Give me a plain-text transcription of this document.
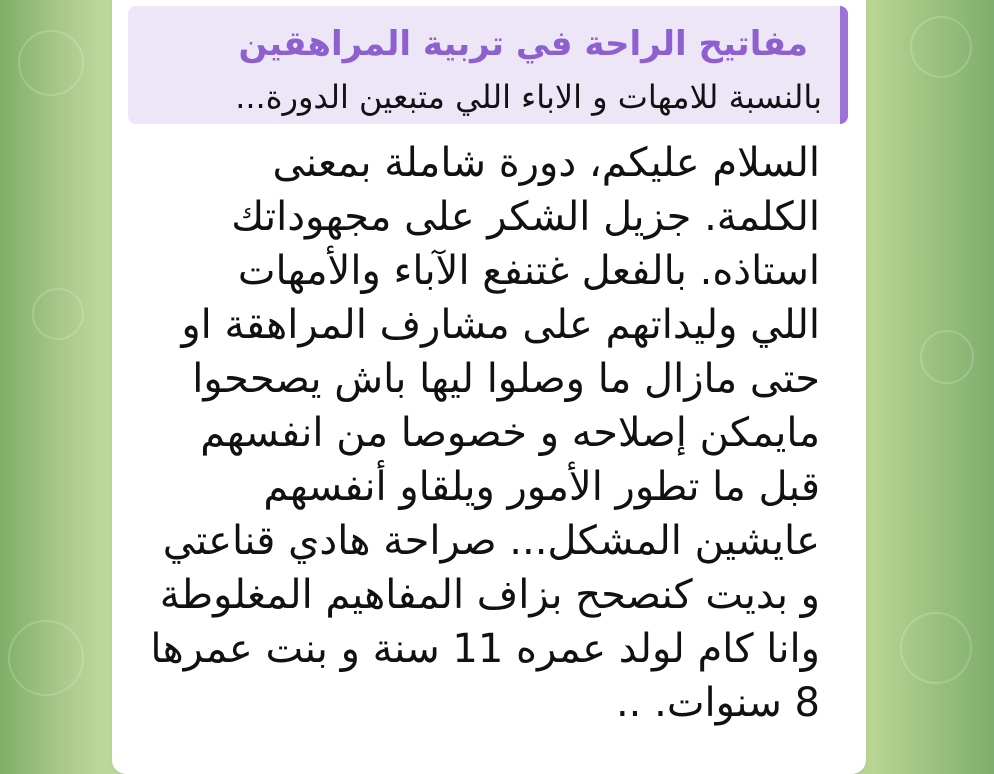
مفاتيح الراحة في تربية المراهقين
بالنسبة للامهات و الاباء اللي متبعين الدورة...
السلام عليكم، دورة شاملة بمعنى
الكلمة. جزيل الشكر على مجهوداتك
استاذه. بالفعل غتنفع الآباء والأمهات
اللي وليداتهم على مشارف المراهقة او
حتى مازال ما وصلوا ليها باش يصححوا
مايمكن إصلاحه و خصوصا من انفسهم
قبل ما تطور الأمور ويلقاو أنفسهم
عايشين المشكل... صراحة هادي قناعتي
و بديت كنصحح بزاف المفاهيم المغلوطة
وانا كام لولد عمره 11 سنة و بنت عمرها
8 سنوات. ..
